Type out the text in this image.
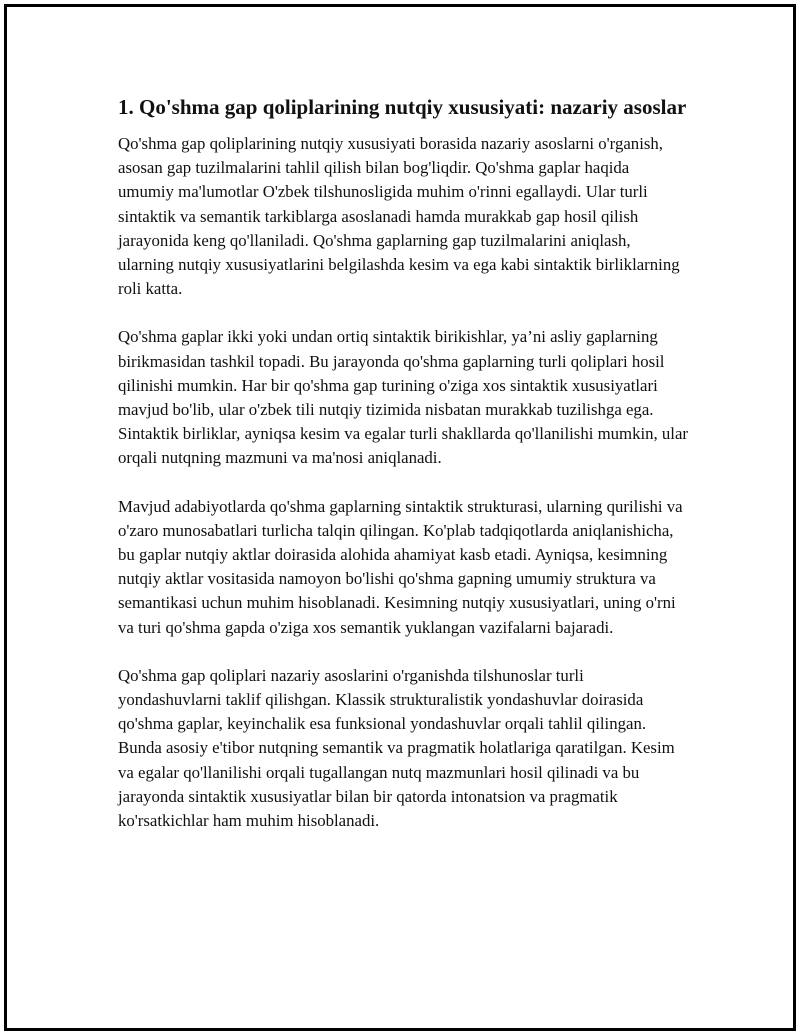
1. Qo'shma gap qoliplarining nutqiy xususiyati: nazariy asoslar

Qo'shma gap qoliplarining nutqiy xususiyati borasida nazariy asoslarni o'rganish, asosan gap tuzilmalarini tahlil qilish bilan bog'liqdir. Qo'shma gaplar haqida umumiy ma'lumotlar O'zbek tilshunosligida muhim o'rinni egallaydi. Ular turli sintaktik va semantik tarkiblarga asoslanadi hamda murakkab gap hosil qilish jarayonida keng qo'llaniladi. Qo'shma gaplarning gap tuzilmalarini aniqlash, ularning nutqiy xususiyatlarini belgilashda kesim va ega kabi sintaktik birliklarning roli katta.

Qo'shma gaplar ikki yoki undan ortiq sintaktik birikishlar, ya’ni asliy gaplarning birikmasidan tashkil topadi. Bu jarayonda qo'shma gaplarning turli qoliplari hosil qilinishi mumkin. Har bir qo'shma gap turining o'ziga xos sintaktik xususiyatlari mavjud bo'lib, ular o'zbek tili nutqiy tizimida nisbatan murakkab tuzilishga ega. Sintaktik birliklar, ayniqsa kesim va egalar turli shakllarda qo'llanilishi mumkin, ular orqali nutqning mazmuni va ma'nosi aniqlanadi.

Mavjud adabiyotlarda qo'shma gaplarning sintaktik strukturasi, ularning qurilishi va o'zaro munosabatlari turlicha talqin qilingan. Ko'plab tadqiqotlarda aniqlanishicha, bu gaplar nutqiy aktlar doirasida alohida ahamiyat kasb etadi. Ayniqsa, kesimning nutqiy aktlar vositasida namoyon bo'lishi qo'shma gapning umumiy struktura va semantikasi uchun muhim hisoblanadi. Kesimning nutqiy xususiyatlari, uning o'rni va turi qo'shma gapda o'ziga xos semantik yuklangan vazifalarni bajaradi.

Qo'shma gap qoliplari nazariy asoslarini o'rganishda tilshunoslar turli yondashuvlarni taklif qilishgan. Klassik strukturalistik yondashuvlar doirasida qo'shma gaplar, keyinchalik esa funksional yondashuvlar orqali tahlil qilingan. Bunda asosiy e'tibor nutqning semantik va pragmatik holatlariga qaratilgan. Kesim va egalar qo'llanilishi orqali tugallangan nutq mazmunlari hosil qilinadi va bu jarayonda sintaktik xususiyatlar bilan bir qatorda intonatsion va pragmatik ko'rsatkichlar ham muhim hisoblanadi.
